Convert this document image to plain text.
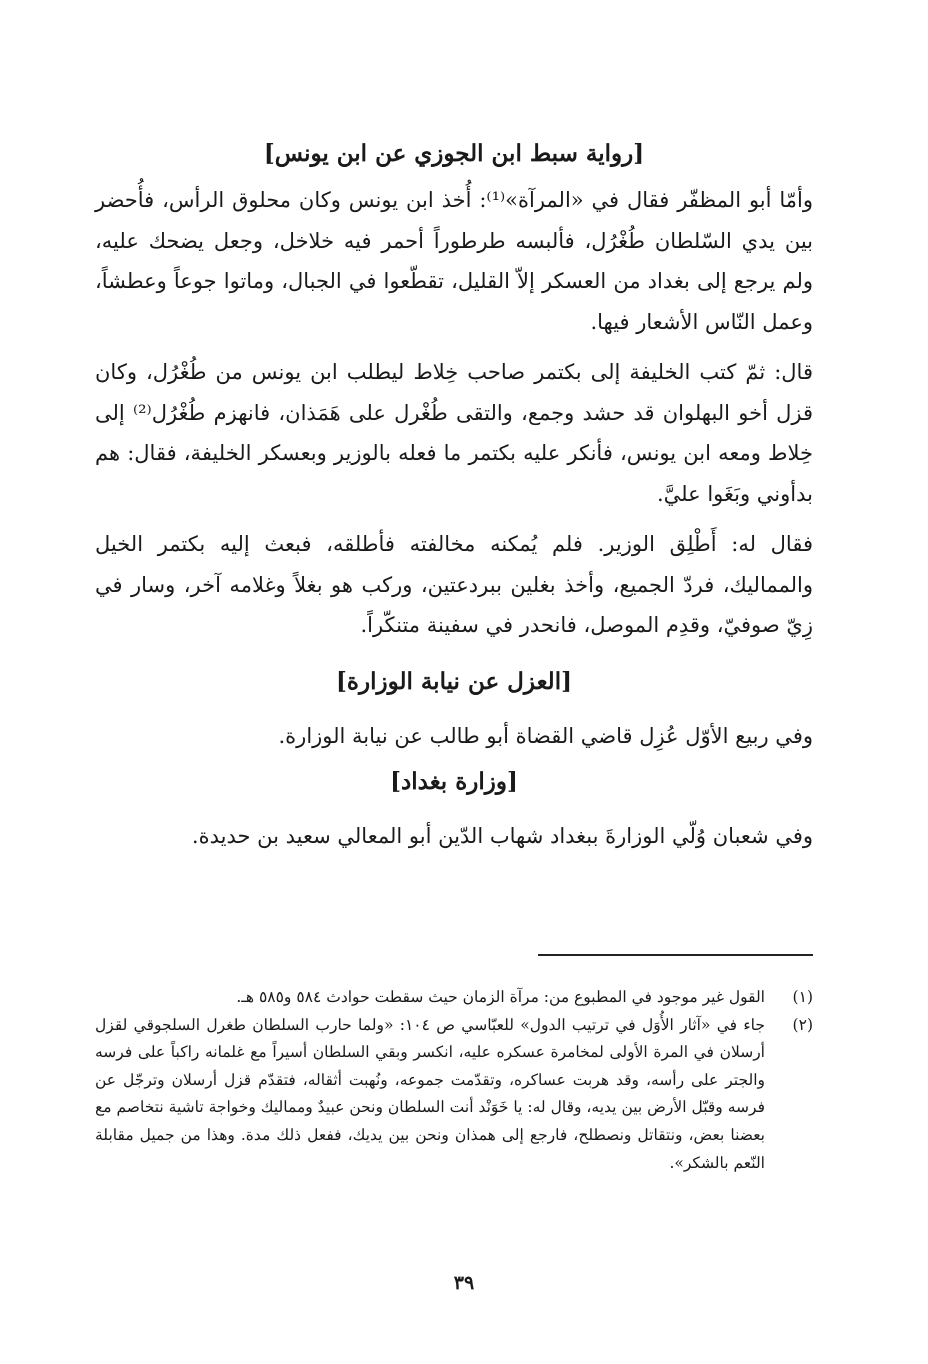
[رواية سبط ابن الجوزي عن ابن يونس]

وأمّا أبو المظفّر فقال في «المرآة»⁽¹⁾: أُخذ ابن يونس وكان محلوق الرأس، فأُحضر بين يدي السّلطان طُغْرُل، فألبسه طرطوراً أحمر فيه خلاخل، وجعل يضحك عليه، ولم يرجع إلى بغداد من العسكر إلاّ القليل، تقطّعوا في الجبال، وماتوا جوعاً وعطشاً، وعمل النّاس الأشعار فيها.

قال: ثمّ كتب الخليفة إلى بكتمر صاحب خِلاط ليطلب ابن يونس من طُغْرُل، وكان قزل أخو البهلوان قد حشد وجمع، والتقى طُغْرل على هَمَذان، فانهزم طُغْرُل⁽²⁾ إلى خِلاط ومعه ابن يونس، فأنكر عليه بكتمر ما فعله بالوزير وبعسكر الخليفة، فقال: هم بدأوني وبَغَوا عليَّ.

فقال له: أَطْلِق الوزير. فلم يُمكنه مخالفته فأطلقه، فبعث إليه بكتمر الخيل والمماليك، فردّ الجميع، وأخذ بغلين ببردعتين، وركب هو بغلاً وغلامه آخر، وسار في زِيّ صوفيّ، وقدِم الموصل، فانحدر في سفينة متنكّراً.

[العزل عن نيابة الوزارة]

وفي ربيع الأوّل عُزِل قاضي القضاة أبو طالب عن نيابة الوزارة.

[وزارة بغداد]

وفي شعبان وُلّي الوزارةَ ببغداد شهاب الدّين أبو المعالي سعيد بن حديدة.

(١)
القول غير موجود في المطبوع من: مرآة الزمان حيث سقطت حوادث ٥٨٤ و٥٨٥ هـ.
(٢)
جاء في «آثار الأُوَل في ترتيب الدول» للعبّاسي ص ١٠٤: «ولما حارب السلطان طغرل السلجوقي لقزل أرسلان في المرة الأولى لمخامرة عسكره عليه، انكسر وبقي السلطان أسيراً مع غلمانه راكباً على فرسه والجتر على رأسه، وقد هربت عساكره، وتقدّمت جموعه، ونُهبت أثقاله، فتقدّم قزل أرسلان وترجّل عن فرسه وقبّل الأرض بين يديه، وقال له: يا خَوَنْد أنت السلطان ونحن عبيدٌ ومماليك وخواجة تاشية نتخاصم مع بعضنا بعض، ونتقاتل ونصطلح، فارجع إلى همذان ونحن بين يديك، ففعل ذلك مدة. وهذا من جميل مقابلة النّعم بالشكر».
٣٩
